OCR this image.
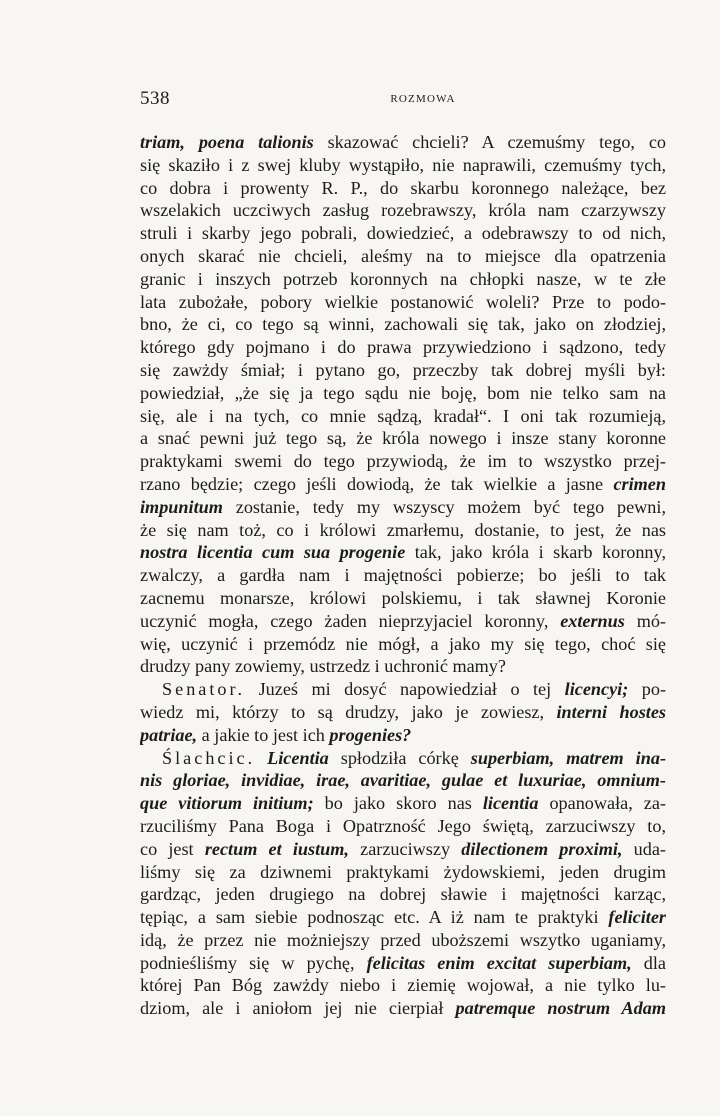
538	ROZMOWA
triam, poena talionis skazować chcieli? A czemuśmy tego, co
się skaziło i z swej kluby wystąpiło, nie naprawili, czemuśmy tych,
co dobra i prowenty R. P., do skarbu koronnego należące, bez
wszelakich uczciwych zasług rozebrawszy, króla nam czarzywszy
struli i skarby jego pobrali, dowiedzieć, a odebrawszy to od nich,
onych skarać nie chcieli, aleśmy na to miejsce dla opatrzenia
granic i inszych potrzeb koronnych na chłopki nasze, w te złe
lata zubożałe, pobory wielkie postanowić woleli? Prze to podo-
bno, że ci, co tego są winni, zachowali się tak, jako on złodziej,
którego gdy pojmano i do prawa przywiedziono i sądzono, tedy
się zawżdy śmiał; i pytano go, przeczby tak dobrej myśli był:
powiedział, „że się ja tego sądu nie boję, bom nie telko sam na
się, ale i na tych, co mnie sądzą, kradał“. I oni tak rozumieją,
a snać pewni już tego są, że króla nowego i insze stany koronne
praktykami swemi do tego przywiodą, że im to wszystko przej-
rzano będzie; czego jeśli dowiodą, że tak wielkie a jasne crimen
impunitum zostanie, tedy my wszyscy możem być tego pewni,
że się nam toż, co i królowi zmarłemu, dostanie, to jest, że nas
nostra licentia cum sua progenie tak, jako króla i skarb koronny,
zwalczy, a gardła nam i majętności pobierze; bo jeśli to tak
zacnemu monarsze, królowi polskiemu, i tak sławnej Koronie
uczynić mogła, czego żaden nieprzyjaciel koronny, externus mó-
wię, uczynić i przemódz nie mógł, a jako my się tego, choć się
drudzy pany zowiemy, ustrzedz i uchronić mamy?
Senator. Juześ mi dosyć napowiedział o tej licencyi; po-
wiedz mi, którzy to są drudzy, jako je zowiesz, interni hostes
patriae, a jakie to jest ich progenies?
Ślachcic. Licentia spłodziła córkę superbiam, matrem ina-
nis gloriae, invidiae, irae, avaritiae, gulae et luxuriae, omnium-
que vitiorum initium; bo jako skoro nas licentia opanowała, za-
rzuciliśmy Pana Boga i Opatrzność Jego świętą, zarzuciwszy to,
co jest rectum et iustum, zarzuciwszy dilectionem proximi, uda-
liśmy się za dziwnemi praktykami żydowskiemi, jeden drugim
gardząc, jeden drugiego na dobrej sławie i majętności karząc,
tępiąc, a sam siebie podnosząc etc. A iż nam te praktyki feliciter
idą, że przez nie możniejszy przed uboższemi wszytko uganiamy,
podnieśliśmy się w pychę, felicitas enim excitat superbiam, dla
której Pan Bóg zawżdy niebo i ziemię wojował, a nie tylko lu-
dziom, ale i aniołom jej nie cierpiał patremque nostrum Adam
